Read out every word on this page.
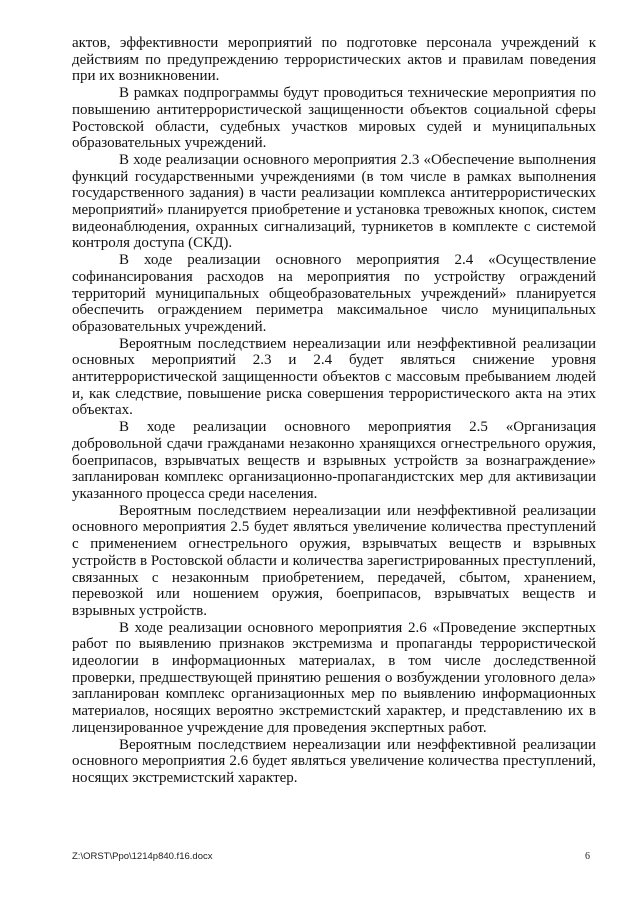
актов, эффективности мероприятий по подготовке персонала учреждений к действиям по предупреждению террористических актов и правилам поведения при их возникновении.

В рамках подпрограммы будут проводиться технические мероприятия по повышению антитеррористической защищенности объектов социальной сферы Ростовской области, судебных участков мировых судей и муниципальных образовательных учреждений.

В ходе реализации основного мероприятия 2.3 «Обеспечение выполнения функций государственными учреждениями (в том числе в рамках выполнения государственного задания) в части реализации комплекса антитеррористических мероприятий» планируется приобретение и установка тревожных кнопок, систем видеонаблюдения, охранных сигнализаций, турникетов в комплекте с системой контроля доступа (СКД).

В ходе реализации основного мероприятия 2.4 «Осуществление софинансирования расходов на мероприятия по устройству ограждений территорий муниципальных общеобразовательных учреждений» планируется обеспечить ограждением периметра максимальное число муниципальных образовательных учреждений.

Вероятным последствием нереализации или неэффективной реализации основных мероприятий 2.3 и 2.4 будет являться снижение уровня антитеррористической защищенности объектов с массовым пребыванием людей и, как следствие, повышение риска совершения террористического акта на этих объектах.

В ходе реализации основного мероприятия 2.5 «Организация добровольной сдачи гражданами незаконно хранящихся огнестрельного оружия, боеприпасов, взрывчатых веществ и взрывных устройств за вознаграждение» запланирован комплекс организационно-пропагандистских мер для активизации указанного процесса среди населения.

Вероятным последствием нереализации или неэффективной реализации основного мероприятия 2.5 будет являться увеличение количества преступлений с применением огнестрельного оружия, взрывчатых веществ и взрывных устройств в Ростовской области и количества зарегистрированных преступлений, связанных с незаконным приобретением, передачей, сбытом, хранением, перевозкой или ношением оружия, боеприпасов, взрывчатых веществ и взрывных устройств.

В ходе реализации основного мероприятия 2.6 «Проведение экспертных работ по выявлению признаков экстремизма и пропаганды террористической идеологии в информационных материалах, в том числе доследственной проверки, предшествующей принятию решения о возбуждении уголовного дела» запланирован комплекс организационных мер по выявлению информационных материалов, носящих вероятно экстремистский характер, и представлению их в лицензированное учреждение для проведения экспертных работ.

Вероятным последствием нереализации или неэффективной реализации основного мероприятия 2.6 будет являться увеличение количества преступлений, носящих экстремистский характер.

Z:\ORST\Ppo\1214p840.f16.docx	6
